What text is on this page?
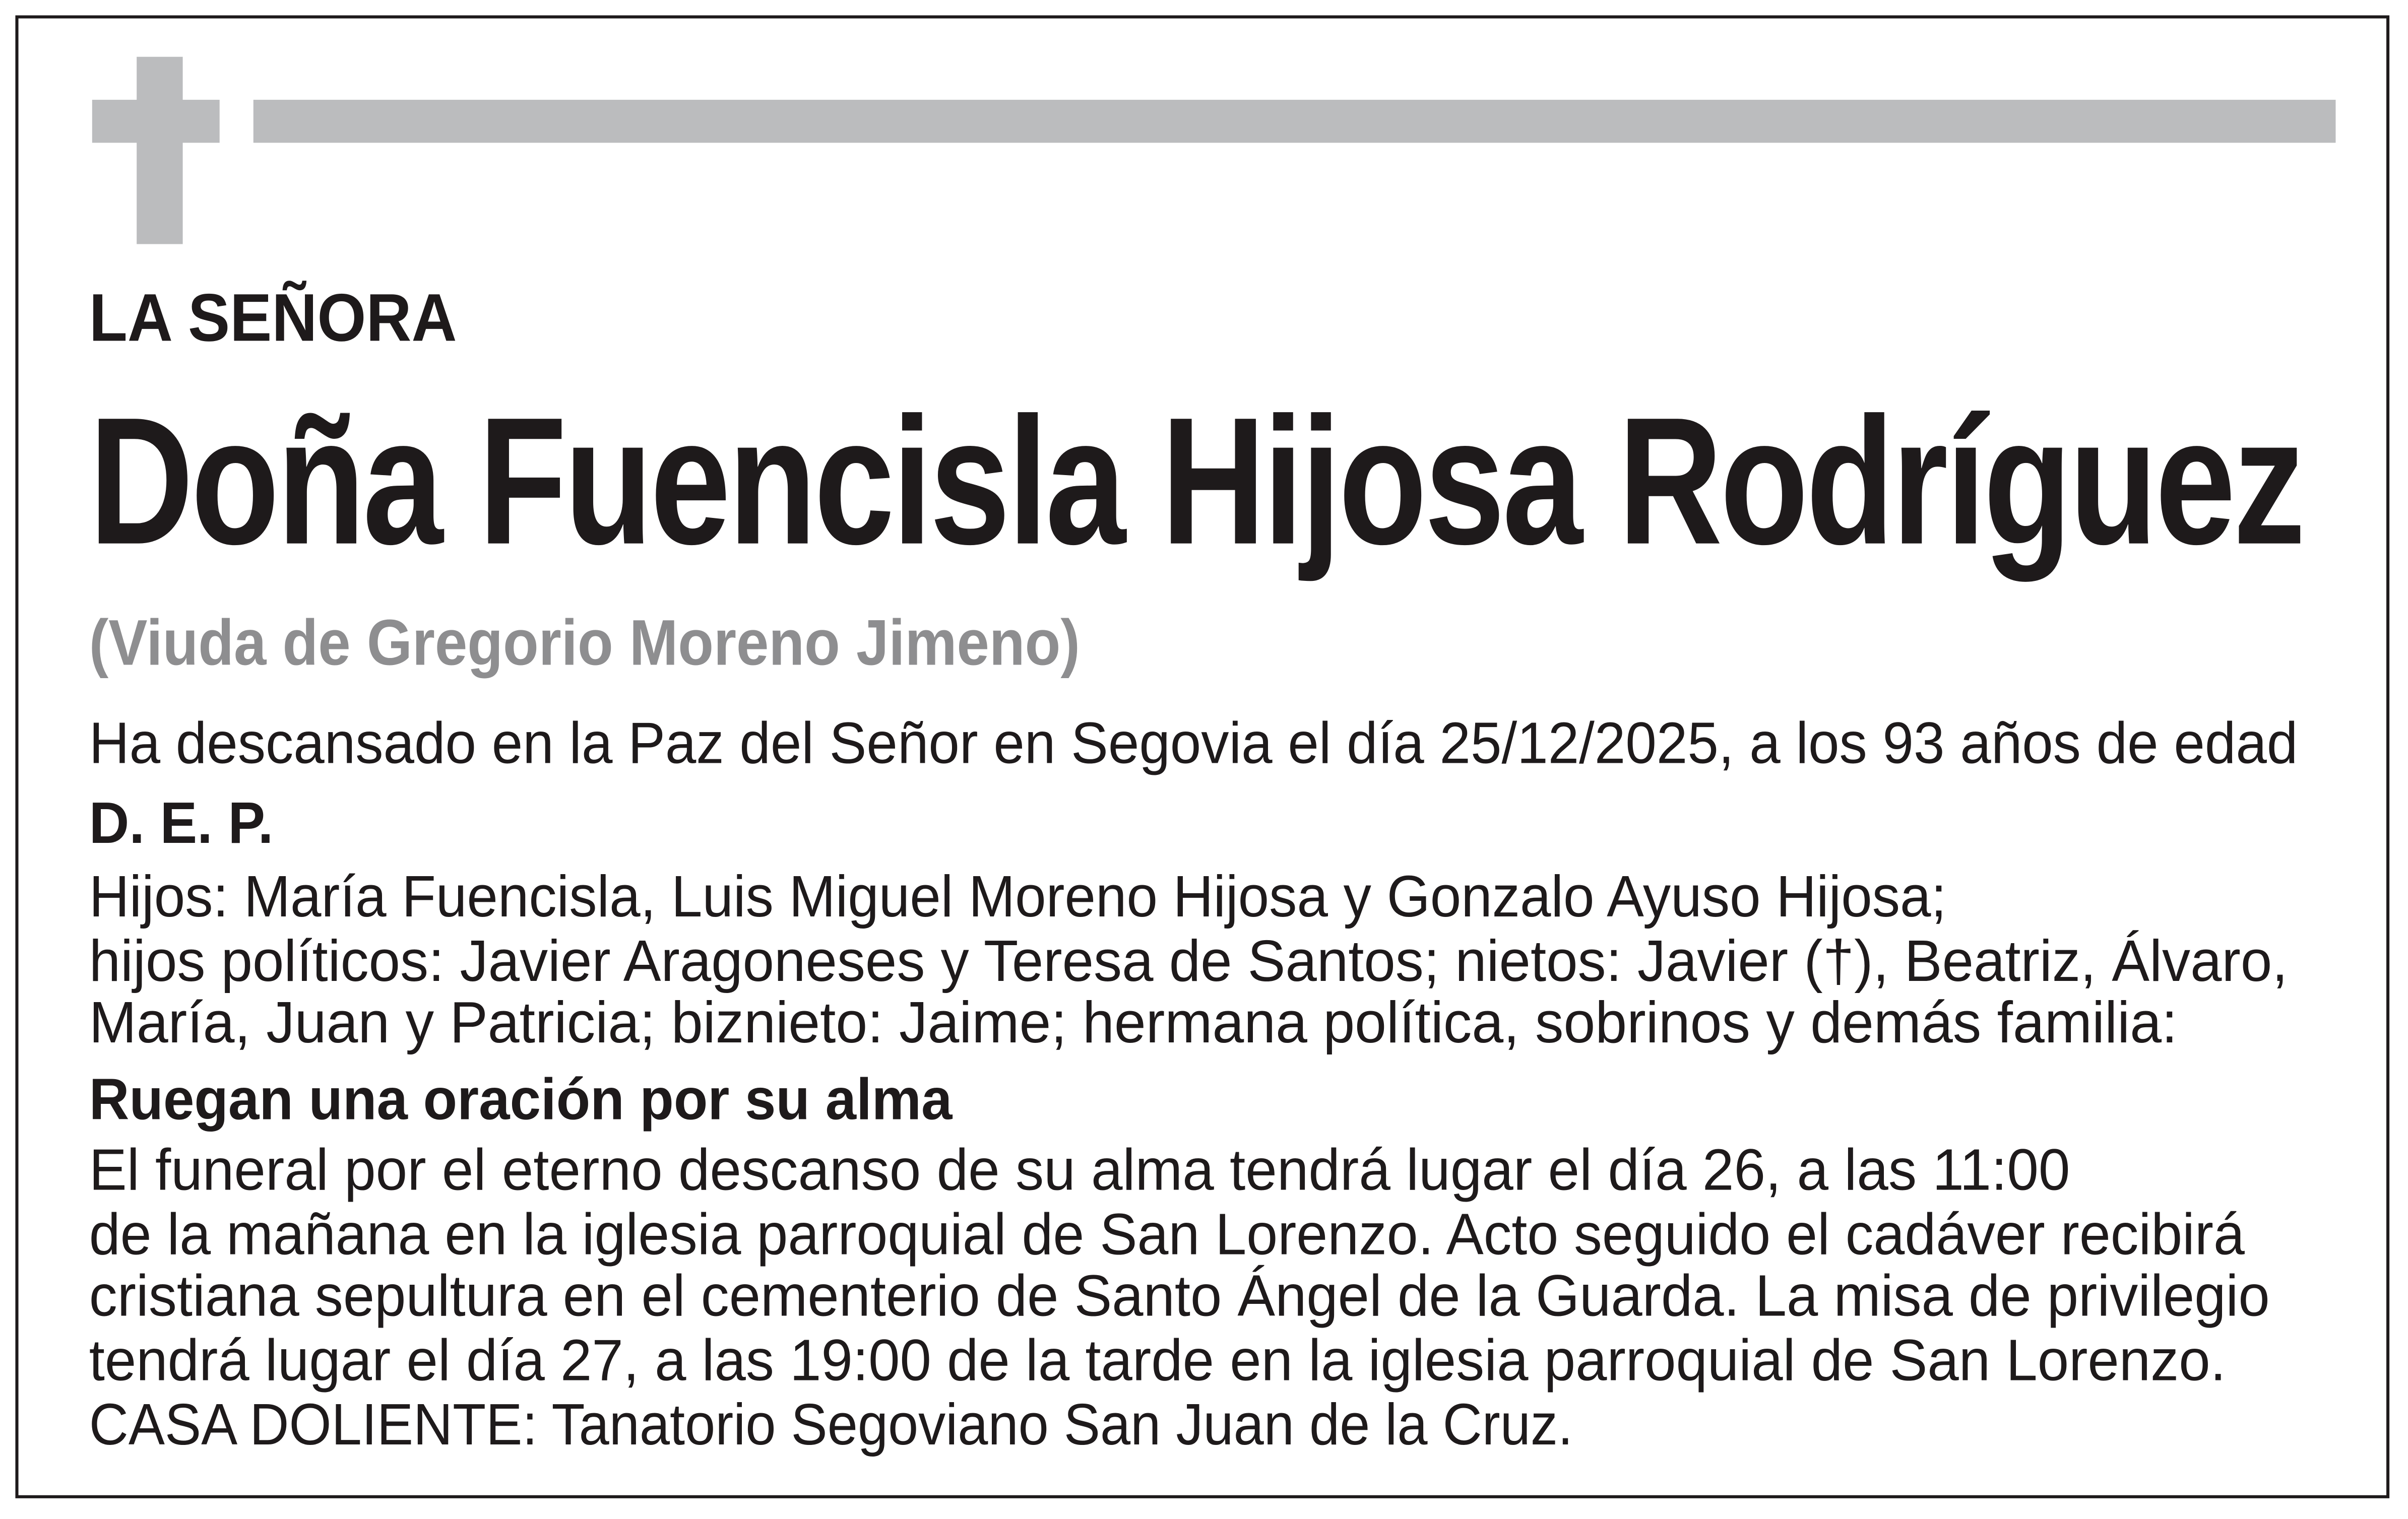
LA SEÑORA
Doña Fuencisla Hijosa Rodríguez
(Viuda de Gregorio Moreno Jimeno)
Ha descansado en la Paz del Señor en Segovia el día 25/12/2025, a los 93 años de edad
D. E. P.
Hijos: María Fuencisla, Luis Miguel Moreno Hijosa y Gonzalo Ayuso Hijosa;
hijos políticos: Javier Aragoneses y Teresa de Santos; nietos: Javier (†), Beatriz, Álvaro,
María, Juan y Patricia; biznieto: Jaime; hermana política, sobrinos y demás familia:
Ruegan una oración por su alma
El funeral por el eterno descanso de su alma tendrá lugar el día 26, a las 11:00
de la mañana en la iglesia parroquial de San Lorenzo. Acto seguido el cadáver recibirá
cristiana sepultura en el cementerio de Santo Ángel de la Guarda. La misa de privilegio
tendrá lugar el día 27, a las 19:00 de la tarde en la iglesia parroquial de San Lorenzo.
CASA DOLIENTE: Tanatorio Segoviano San Juan de la Cruz.
